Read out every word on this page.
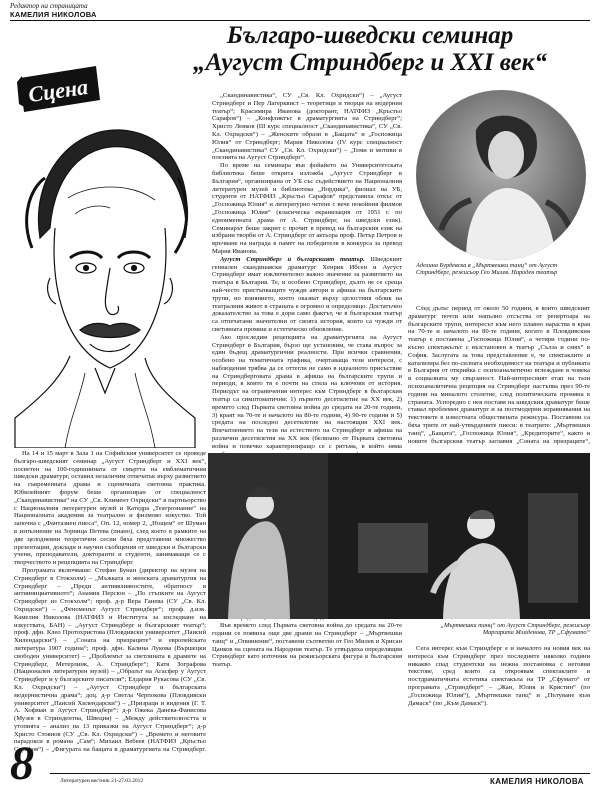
Редактор на страницата
КАМЕЛИЯ НИКОЛОВА
Българо-шведски семинар
„Аугуст Стриндберг и XXI век“
Сцена

На 14 и 15 март в Зала 1 на Софийския университет се проведе българо-шведският семинар „Аугуст Стриндберг и XXI век“, посветен на 100-годишнината от смъртта на емблематичния шведски драматург, оставил незаличим отпечатък върху развитието на съвременната драма и сценичната световна практика. Юбилейният форум беше организиран от специалност „Скандинавистика“ на СУ „Св. Климент Охридски“ в партньорство с Националния литературен музей и Катедра „Театрознание“ на Националната академия за театрално и филмово изкуство. Той започна с „Фантазиен пиеса“, Оп. 12, номер 2, „Нощем“ от Шуман в изпълнение на Зорница Петева (пиано), след което в рамките на две целодневни теоретични сесии бяха представени множество презентации, доклади и научни съобщения от шведски и български учени, преподаватели, докторанти и студенти, занимаващи се с творчеството и рецепцията на Стриндберг.

Програмата включваше: Стефан Бунан (директор на музея на Стриндберг в Стокхолм) – „Мъжката и женската драматургия на Стриндберг – „Преди антиявлияностите, обратност и антиинициативното“; Анамия Персюн – „По стъпките на Аугуст Стриндберг из Стокхолм“; проф. д-р Вера Ганева (СУ „Св. Кл. Охридски“) – „Феноменът Аугуст Стриндберг“; проф. д.изк. Камелия Николова (НАТФИЗ и Института за изследване на изкуствата, БАН) – „Аугуст Стриндберг и българският театър“; проф. дфн. Клео Протохристова (Пловдивски университет „Паисий Хилендарски“) – „Сонатa на призраците“ и европейската литература 1907 година“; проф. дфн. Калина Лукова (Вършецки свободен университет) – „Проблемът за светлината в драмите на Стриндберг, Метерлинк, А. Стриндберг“; Катя Зографова (Национален литературен музей) – „Образът на Агасфер у Аугуст Стриндберг и у българските писатели“; Елдария Рукасова (СУ „Св. Кл. Охридски“) – „Аугуст Стриндберг и българската модернистична драма“; доц. д-р Светла Черпокова (Пловдивски университет „Паисий Хилендарски“) – „Призраци и видения (Г. Т. А. Хофман и Аугуст Стриндберг“; д-р Ожека Данева-Фанисова (Музея в Стриндентна, Швеция) – „Между действителността и утопията – анализ на 13 приказки на Аугуст Стриндберг“; д-р Христо Стоянов (СУ „Св. Кл. Охридски“) – „Времето и неговите парадокси в романа „Сам“; Михаил Вебеев (НАТФИЗ „Кръстьо Сарафов“) – „Фигурата на бащата в драматургията на Стриндберг.

„Скандинавистика“, СУ „Св. Кл. Охридски“) – „Аугуст Стриндберг и Пер Лагерквист – теоретици и творци на модерния театър“; Красимира Иванова (докторант, НАТФИЗ „Кръстьо Сарафов“) – „Конфликтът в драматургията на Стриндберг“; Христо Левков (III курс специалност „Скандинавистика“, СУ „Св. Кл. Охридски“) – „Женските образи в „Бащата“ и „Госпожица Юлия“ от Стриндберг; Мария Николова (IV курс специалност „Скандинавистика“ СУ „Св. Кл. Охридски“) – „Теми и мотиви в поезията на Аугуст Стриндберг“.

По време на семинара във фойайето на Университетската библиотека беше открита изложба „Аугуст Стриндберг в България“, организирана от УБ със съдействието на Националния литературен музей и библиотека „Нордика“, филиал на УБ, студенти от НАТФИЗ „Кръстьо Сарафов“ представиха откъс от „Госпожица Юлия“ и литературно четене с вече покойния филмов „Госпожица Юлия“ (класическа екранизация от 1951 г. по едноименната драма от А. Стриндберг, на шведски език). Семинарът беше закрит с прочит в превод на българския език на избрани творби от А. Стриндберг от актьора проф. Петър Петров и връчване на награда в памет на победителя в конкурса за превод Мария Иванова.

Аугуст Стриндберг и българският театър. Шведският гениален скандинавски драматург Хенрик Ибсен и Аугуст Стриндберг имат изключително важно значение за развитието на театъра в България. Те, и особено Стриндберг, дълго не се среща най-често пристъпващите чужди автори в афиша на българските трупи, но влиянието, което оказват върху целостния облик на театралния живот в страната е огромно и определящо. Достатъчно доказателство за това е дори само фактът, че в българския театър са отпечатани значителни от своята история, които са чужди от световната промиш и естетическо обновление.

Ако проследим рецепцията на драматургията на Аугуст Стриндберг в България, бързо ще установим, че става въпрос за един бъдещ драматургични реалности. При всички сравнения, особено на тематичната графика, очертаваща тези интереси, с наблюдения трябва да се оттегли не само в идеалното присъствие на Стриндберговата драма в афиша на българските трупи и периоди, в които тя е почти на стила на ключови от история. Периодът на ограничения интерес към Стриндберг в българския театър са симптоматични: 1) първото десетилетие на XX век, 2) времето след Първата световна война до средата на 20-те години, 3) краят на 70-те и началото на 80-те години, 4) 90-те години и 5) средата на последно десетилетие на настоящия XXI век. Впечатлението на тези на естеството на Стриндберг в афиша на различни десетилетия на XX век (белязано от Първата световна война и повечко характеризиращо се с ритъма, в който няма

Във времето след Първата световна война до средата на 20-те години се появиха още две драми на Стриндберг – „Мъртвешки танц“ и „Опиянение“, поставени съответно от Гео Милев и Хрисан Цанков на сцената на Народния театър. Те утвърдиха определящия Стриндберг като източник на режисьорската фигура в българския театър.

Аделина Бурдевска в „Мъртвешки танц“ от Аугуст Стриндберг, режисьор Гео Милев. Народен театър

След дълъг период от около 50 години, в които шведският драматург почти или напълно отсъства от репертоара на българските трупи, интересът към него плавно нараства в края на 70-те и началото на 80-те години, когато в Пловдивския театър е поставена „Госпожица Юлия“, а четири години по-късно спектакълът с възстановен в театър „Сълза и смях“ в София. Заслугата за това представление е, че спектаклите и катализира без по-силната необходимост на театъра и публиката в България от открийка с психоаналитично вглеждане в човека и социалната му свързаност. Най-интересният етап на тази психоаналитична рецепция на Стриндберг настъпва през 90-те години на миналото столетие, след политическата промяна в страната. Успоредно с нея поставя на шведския драматург беше ставал проблемен драматург и за постмодерни изравнявания на текстовете в известната обществената режисура. Поставени са бяха трите от най-утвърдените пиеси: в театрите: „Мъртвешки танц“, „Бащата“, „Госпожица Юлия“, „Кредиторите“, както и новите българския театър заглавия „Соната на призраците“,

„Мъртвешки танц“ от Аугуст Стриндберг, режисьор Маргарита Младенова, ТР „Сфумато“

Сега интерес към Стриндберг е и началото на новия век на интереса към Стриндберг през последните няколко години никакво спад студентски на нежна постановка с неговия текстове, сред които са откроявам спектаклите и постдраматичната естетика спектакъла на ТР „Сфумато“ от програмата „Стриндберг“ – „Жан, Юлия и Кристин“ (по „Госпожица Юлия“), „Мъртвешки танц“ и „Пътуване към Дамаск“ (по „Към Дамаск“).

8	Литературен вестник 21-27.03.2012	КАМЕЛИЯ НИКОЛОВА
